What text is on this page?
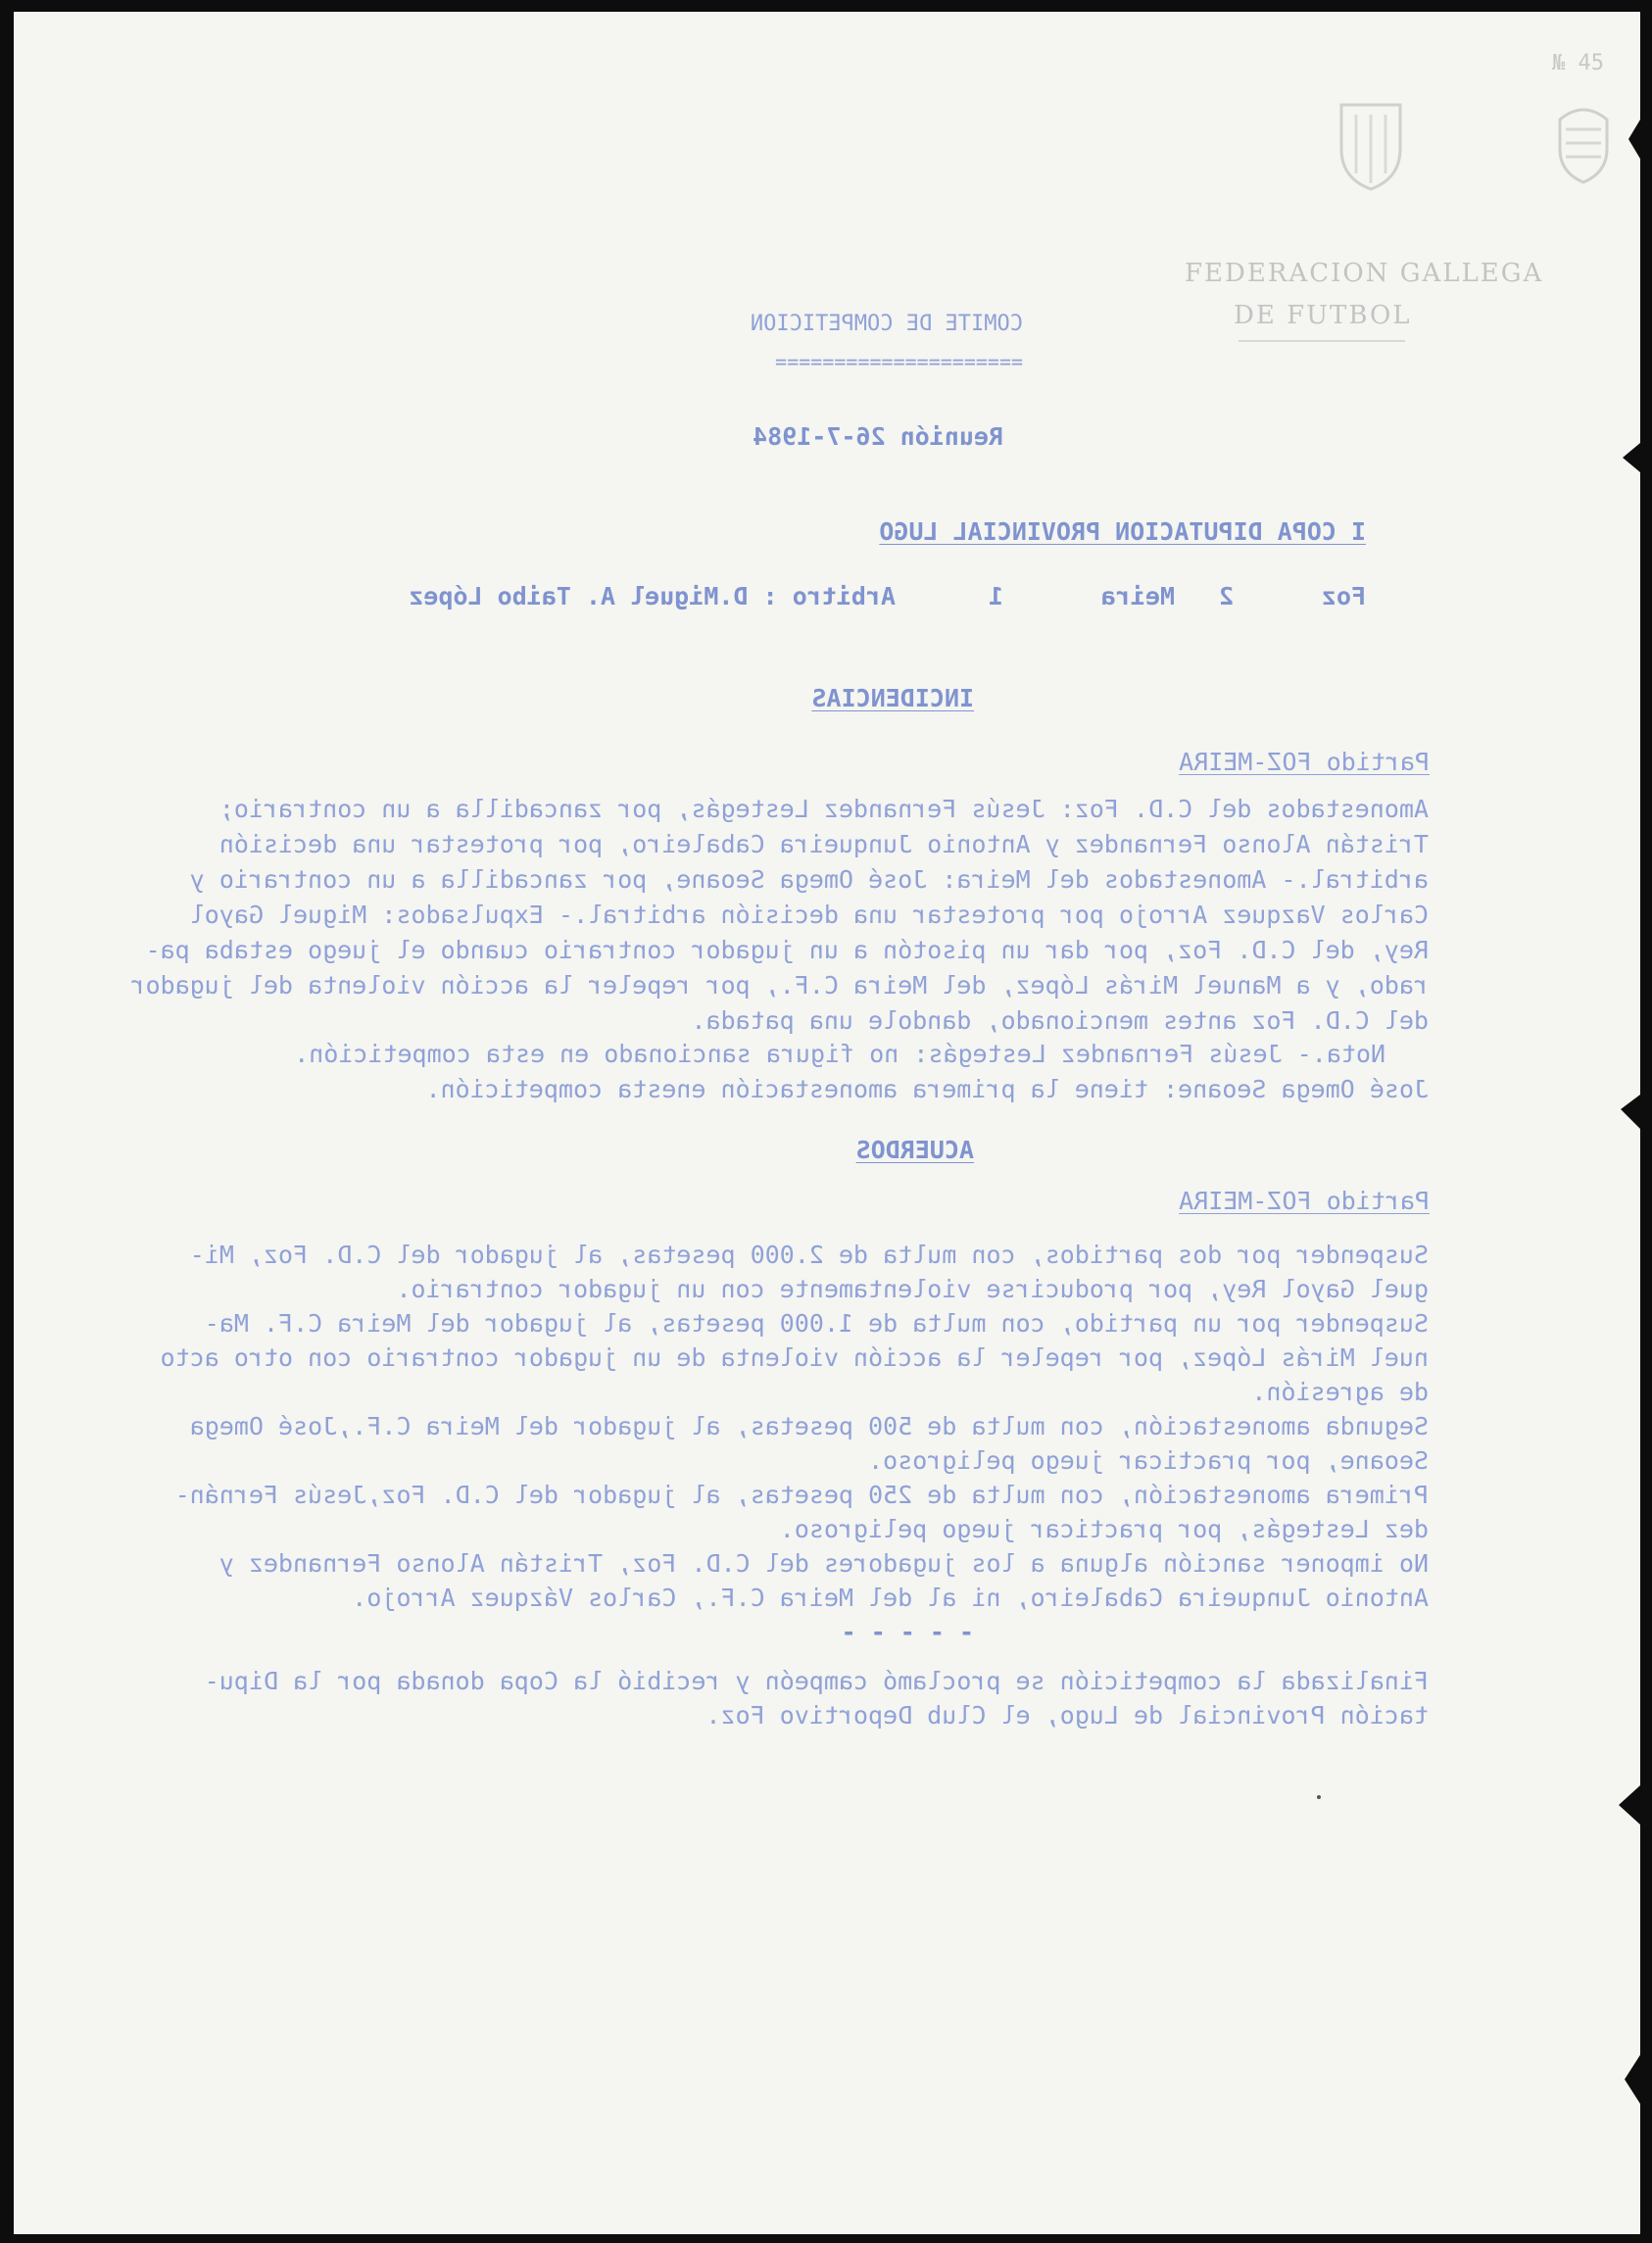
№ 45
FEDERACION GALLEGA
DE FUTBOL
COMITE DE COMPETICION
=====================
Reunión 26-7-1984
I COPA DIPUTACION PROVINCIAL LUGO
Foz
2
Meira
1
Arbitro : D.Miguel A. Taibo López
INCIDENCIAS
Partido FOZ-MEIRA
Amonestados del C.D. Foz: Jesús Fernandez Lestegás, por zancadilla a un contrario;
Tristán Alonso Fernandez y Antonio Junqueira Cabaleiro, por protestar una decisión
arbitral.- Amonestados del Meira: José Omega Seoane, por zancadilla a un contrario y
Carlos Vazquez Arrojo por protestar una decisión arbitral.- Expulsados: Miguel Gayol
Rey, del C.D. Foz, por dar un pisotón a un jugador contrario cuando el juego estaba pa-
rado, y a Manuel Mirás López, del Meira C.F., por repeler la acción violenta del jugador
del C.D. Foz antes mencionado, dandole una patada.
Nota.- Jesús Fernandez Lestegás: no figura sancionado en esta competición.
José Omega Seoane: tiene la primera amonestación enesta competición.
ACUERDOS
Partido FOZ-MEIRA
Suspender por dos partidos, con multa de 2.000 pesetas, al jugador del C.D. Foz, Mi-
guel Gayol Rey, por producirse violentamente con un jugador contrario.
Suspender por un partido, con multa de 1.000 pesetas, al jugador del Meira C.F. Ma-
nuel Mirás López, por repeler la acción violenta de un jugador contrario con otro acto
de agresión.
Segunda amonestación, con multa de 500 pesetas, al jugador del Meira C.F.,José Omega
Seoane, por practicar juego peligroso.
Primera amonestación, con multa de 250 pesetas, al jugador del C.D. Foz,Jesús Fernán-
dez Lestegás, por practicar juego peligroso.
No imponer sanción alguna a los jugadores del C.D. Foz, Tristán Alonso Fernandez y
Antonio Junqueira Cabaleiro, ni al del Meira C.F., Carlos Vázquez Arrojo.
- - - - -
Finalizada la competición se proclamó campeón y recibió la Copa donada por la Dipu-
tación Provincial de Lugo, el Club Deportivo Foz.
